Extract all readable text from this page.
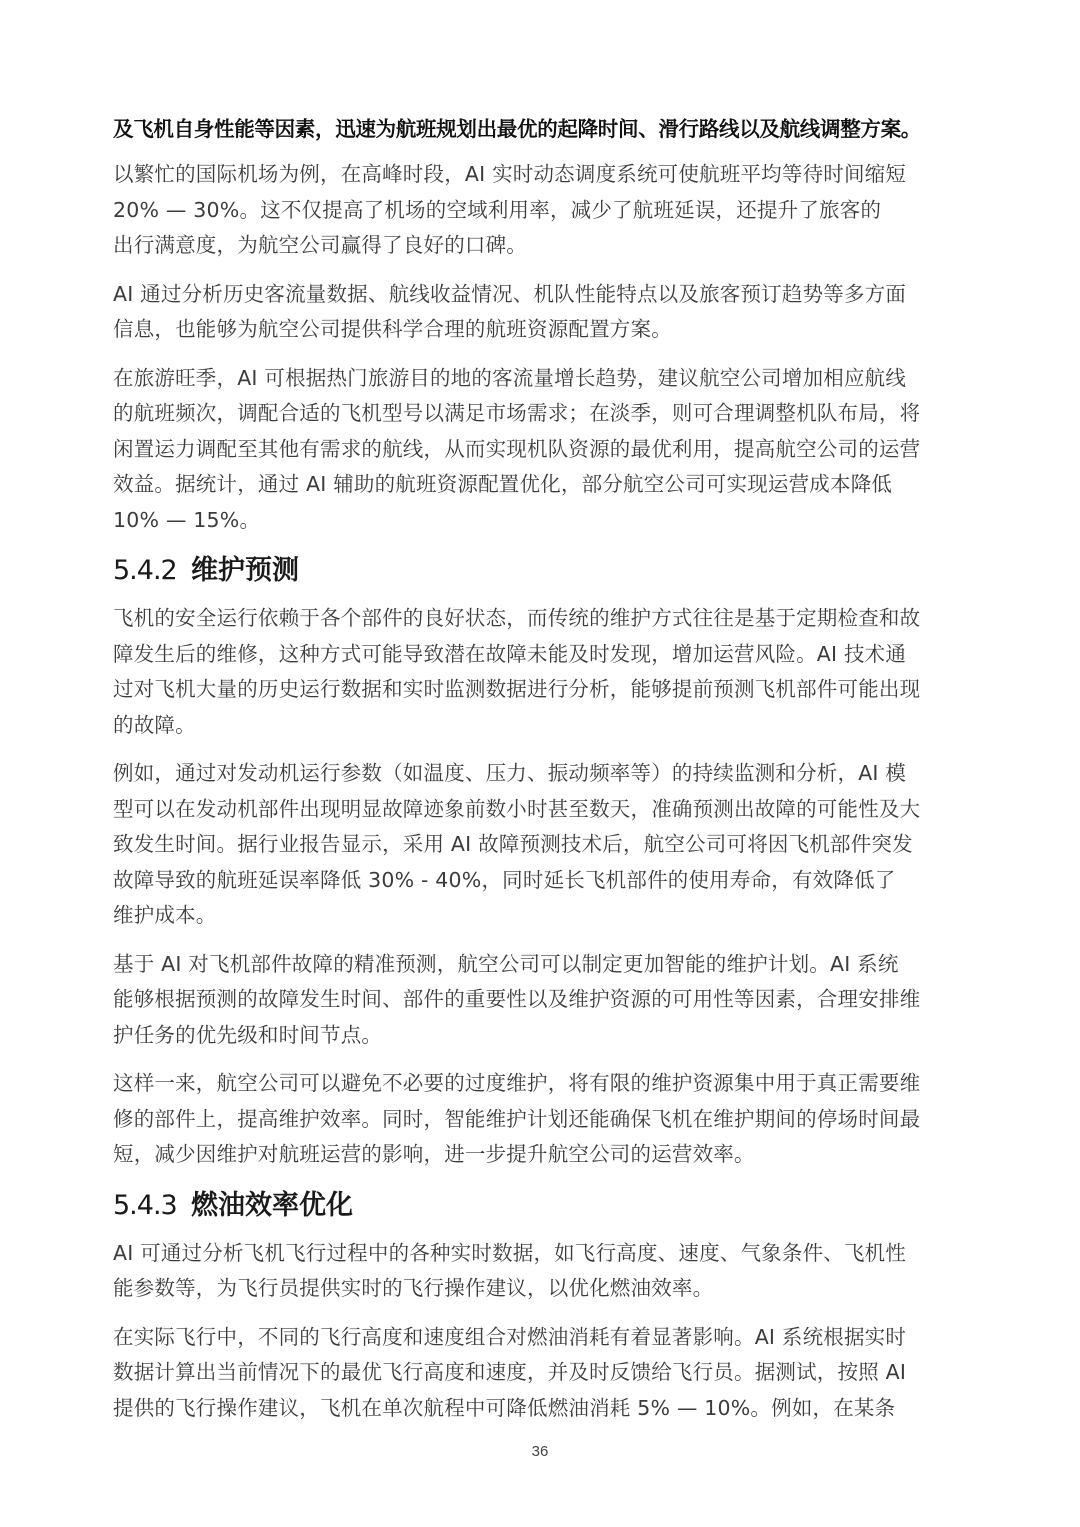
及飞机自身性能等因素，迅速为航班规划出最优的起降时间、滑行路线以及航线调整方案。

以繁忙的国际机场为例，在高峰时段，AI 实时动态调度系统可使航班平均等待时间缩短
20% — 30%。这不仅提高了机场的空域利用率，减少了航班延误，还提升了旅客的
出行满意度，为航空公司赢得了良好的口碑。

AI 通过分析历史客流量数据、航线收益情况、机队性能特点以及旅客预订趋势等多方面
信息，也能够为航空公司提供科学合理的航班资源配置方案。

在旅游旺季，AI 可根据热门旅游目的地的客流量增长趋势，建议航空公司增加相应航线
的航班频次，调配合适的飞机型号以满足市场需求；在淡季，则可合理调整机队布局，将
闲置运力调配至其他有需求的航线，从而实现机队资源的最优利用，提高航空公司的运营
效益。据统计，通过 AI 辅助的航班资源配置优化，部分航空公司可实现运营成本降低
10% — 15%。

5.4.2 维护预测

飞机的安全运行依赖于各个部件的良好状态，而传统的维护方式往往是基于定期检查和故
障发生后的维修，这种方式可能导致潜在故障未能及时发现，增加运营风险。AI 技术通
过对飞机大量的历史运行数据和实时监测数据进行分析，能够提前预测飞机部件可能出现
的故障。

例如，通过对发动机运行参数（如温度、压力、振动频率等）的持续监测和分析，AI 模
型可以在发动机部件出现明显故障迹象前数小时甚至数天，准确预测出故障的可能性及大
致发生时间。据行业报告显示，采用 AI 故障预测技术后，航空公司可将因飞机部件突发
故障导致的航班延误率降低 30% - 40%，同时延长飞机部件的使用寿命，有效降低了
维护成本。

基于 AI 对飞机部件故障的精准预测，航空公司可以制定更加智能的维护计划。AI 系统
能够根据预测的故障发生时间、部件的重要性以及维护资源的可用性等因素，合理安排维
护任务的优先级和时间节点。

这样一来，航空公司可以避免不必要的过度维护，将有限的维护资源集中用于真正需要维
修的部件上，提高维护效率。同时，智能维护计划还能确保飞机在维护期间的停场时间最
短，减少因维护对航班运营的影响，进一步提升航空公司的运营效率。

5.4.3 燃油效率优化

AI 可通过分析飞机飞行过程中的各种实时数据，如飞行高度、速度、气象条件、飞机性
能参数等，为飞行员提供实时的飞行操作建议，以优化燃油效率。

在实际飞行中，不同的飞行高度和速度组合对燃油消耗有着显著影响。AI 系统根据实时
数据计算出当前情况下的最优飞行高度和速度，并及时反馈给飞行员。据测试，按照 AI
提供的飞行操作建议，飞机在单次航程中可降低燃油消耗 5% — 10%。例如，在某条

36
